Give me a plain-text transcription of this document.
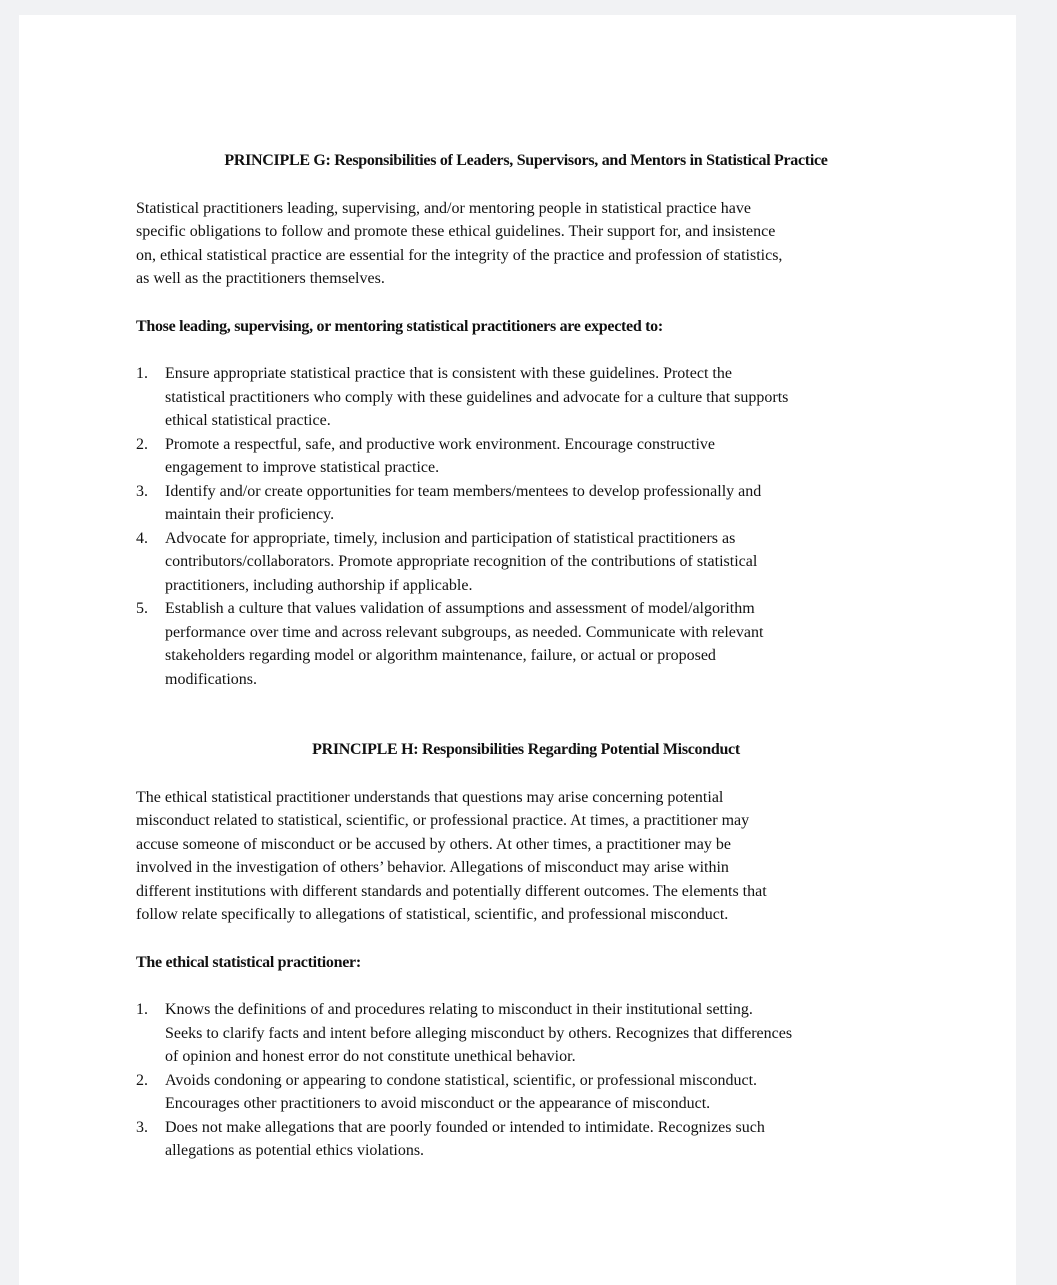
PRINCIPLE G: Responsibilities of Leaders, Supervisors, and Mentors in Statistical Practice
Statistical practitioners leading, supervising, and/or mentoring people in statistical practice have
specific obligations to follow and promote these ethical guidelines. Their support for, and insistence
on, ethical statistical practice are essential for the integrity of the practice and profession of statistics,
as well as the practitioners themselves.
Those leading, supervising, or mentoring statistical practitioners are expected to:
1. Ensure appropriate statistical practice that is consistent with these guidelines. Protect the
statistical practitioners who comply with these guidelines and advocate for a culture that supports
ethical statistical practice.
2. Promote a respectful, safe, and productive work environment. Encourage constructive
engagement to improve statistical practice.
3. Identify and/or create opportunities for team members/mentees to develop professionally and
maintain their proficiency.
4. Advocate for appropriate, timely, inclusion and participation of statistical practitioners as
contributors/collaborators. Promote appropriate recognition of the contributions of statistical
practitioners, including authorship if applicable.
5. Establish a culture that values validation of assumptions and assessment of model/algorithm
performance over time and across relevant subgroups, as needed. Communicate with relevant
stakeholders regarding model or algorithm maintenance, failure, or actual or proposed
modifications.
PRINCIPLE H: Responsibilities Regarding Potential Misconduct
The ethical statistical practitioner understands that questions may arise concerning potential
misconduct related to statistical, scientific, or professional practice. At times, a practitioner may
accuse someone of misconduct or be accused by others. At other times, a practitioner may be
involved in the investigation of others’ behavior. Allegations of misconduct may arise within
different institutions with different standards and potentially different outcomes. The elements that
follow relate specifically to allegations of statistical, scientific, and professional misconduct.
The ethical statistical practitioner:
1. Knows the definitions of and procedures relating to misconduct in their institutional setting.
Seeks to clarify facts and intent before alleging misconduct by others. Recognizes that differences
of opinion and honest error do not constitute unethical behavior.
2. Avoids condoning or appearing to condone statistical, scientific, or professional misconduct.
Encourages other practitioners to avoid misconduct or the appearance of misconduct.
3. Does not make allegations that are poorly founded or intended to intimidate. Recognizes such
allegations as potential ethics violations.
